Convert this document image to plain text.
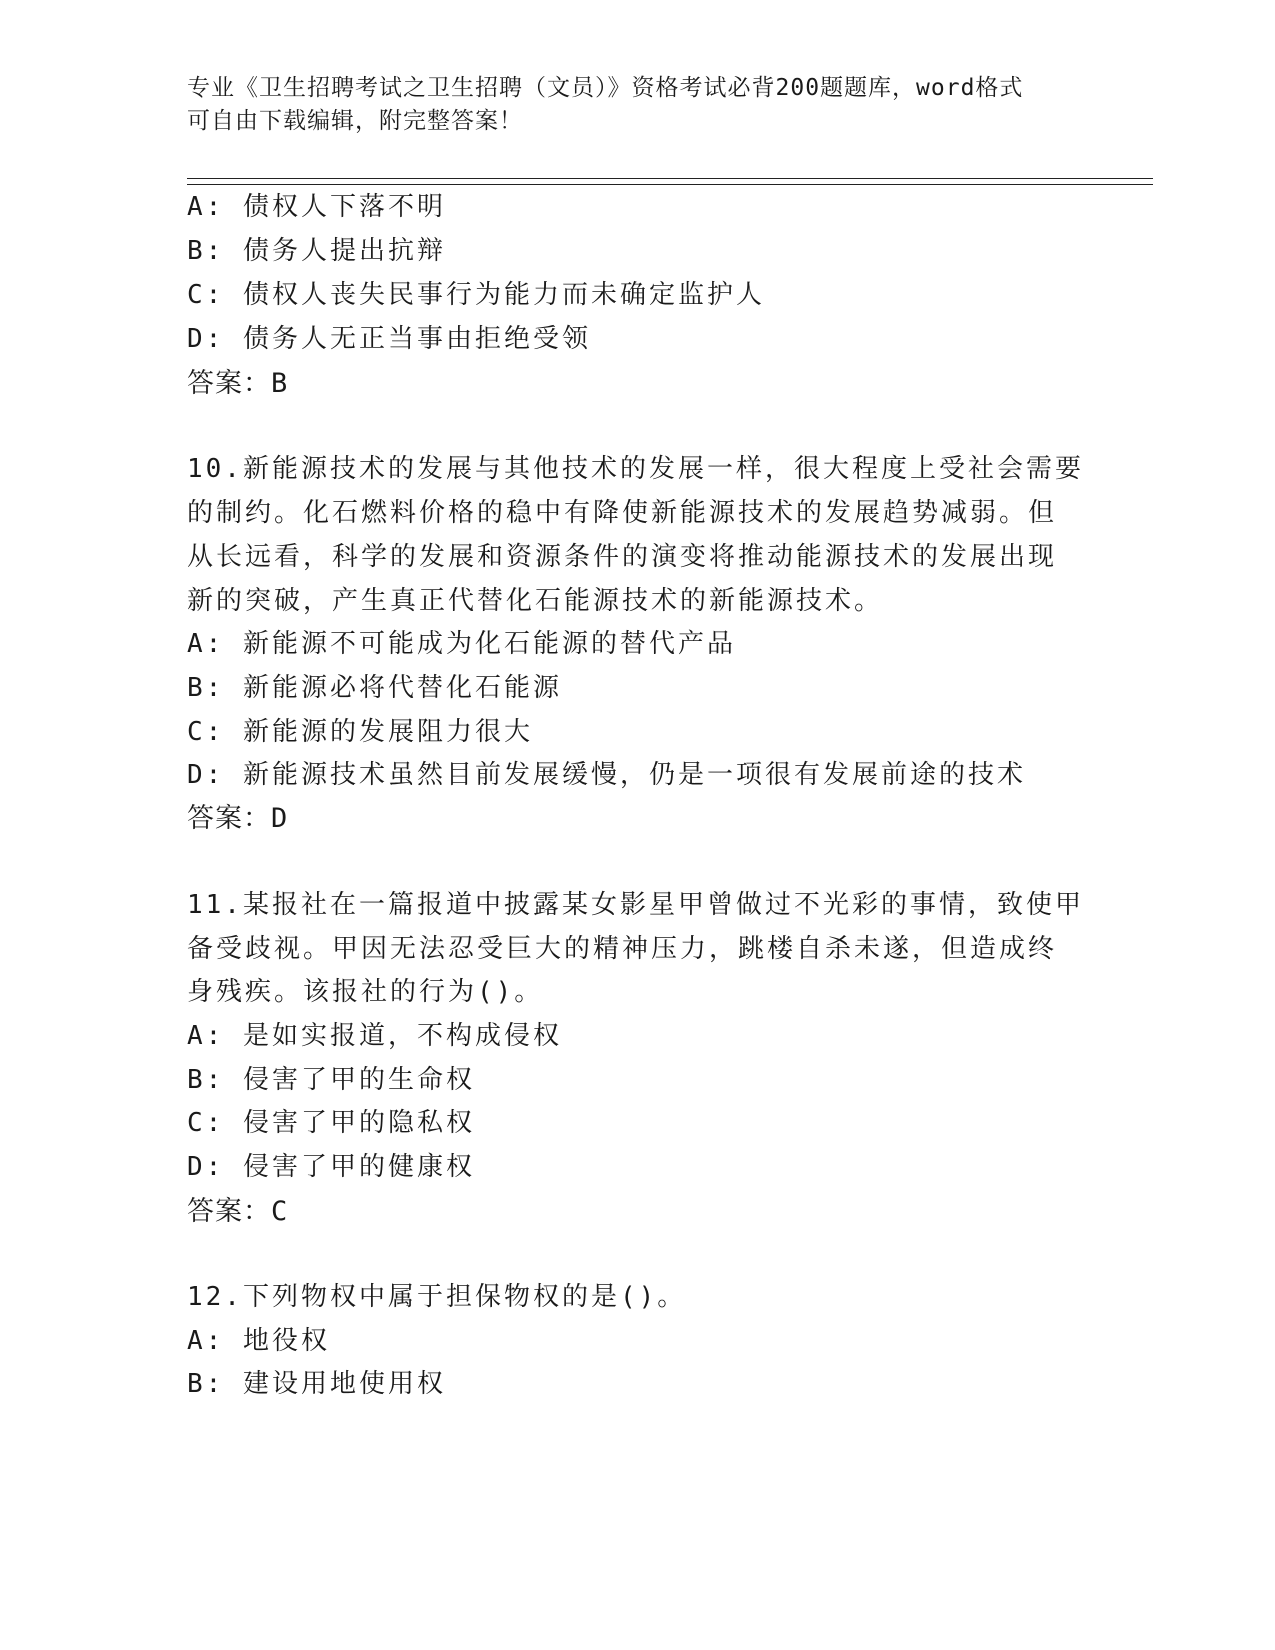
专业《卫生招聘考试之卫生招聘（文员）》资格考试必背200题题库，word格式
可自由下载编辑，附完整答案！
A: 债权人下落不明
B: 债务人提出抗辩
C: 债权人丧失民事行为能力而未确定监护人
D: 债务人无正当事由拒绝受领
答案：B
10.新能源技术的发展与其他技术的发展一样，很大程度上受社会需要
的制约。化石燃料价格的稳中有降使新能源技术的发展趋势减弱。但
从长远看，科学的发展和资源条件的演变将推动能源技术的发展出现
新的突破，产生真正代替化石能源技术的新能源技术。
A: 新能源不可能成为化石能源的替代产品
B: 新能源必将代替化石能源
C: 新能源的发展阻力很大
D: 新能源技术虽然目前发展缓慢，仍是一项很有发展前途的技术
答案：D
11.某报社在一篇报道中披露某女影星甲曾做过不光彩的事情，致使甲
备受歧视。甲因无法忍受巨大的精神压力，跳楼自杀未遂，但造成终
身残疾。该报社的行为()。
A: 是如实报道，不构成侵权
B: 侵害了甲的生命权
C: 侵害了甲的隐私权
D: 侵害了甲的健康权
答案：C
12.下列物权中属于担保物权的是()。
A: 地役权
B: 建设用地使用权
